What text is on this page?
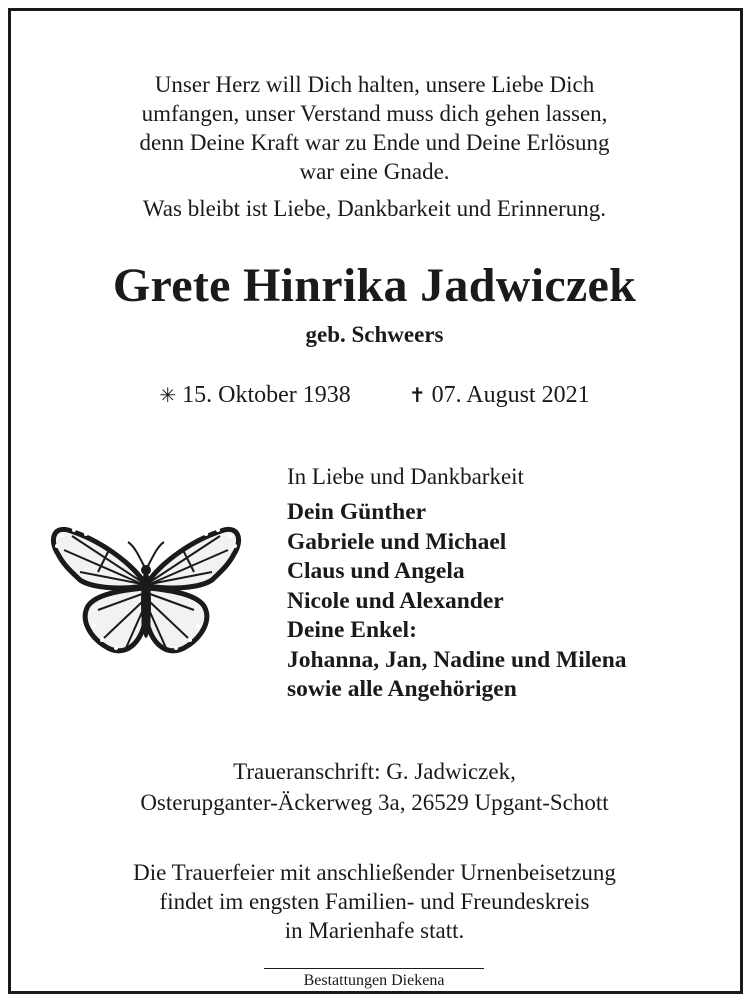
Unser Herz will Dich halten, unsere Liebe Dich
umfangen, unser Verstand muss dich gehen lassen,
denn Deine Kraft war zu Ende und Deine Erlösung
war eine Gnade.
Was bleibt ist Liebe, Dankbarkeit und Erinnerung.
Grete Hinrika Jadwiczek
geb. Schweers
✳ 15. Oktober 1938	✝ 07. August 2021
In Liebe und Dankbarkeit
Dein Günther
Gabriele und Michael
Claus und Angela
Nicole und Alexander
Deine Enkel:
Johanna, Jan, Nadine und Milena
sowie alle Angehörigen
Traueranschrift: G. Jadwiczek,
Osterupganter-Äckerweg 3a, 26529 Upgant-Schott
Die Trauerfeier mit anschließender Urnenbeisetzung
findet im engsten Familien- und Freundeskreis
in Marienhafe statt.
Bestattungen Diekena
